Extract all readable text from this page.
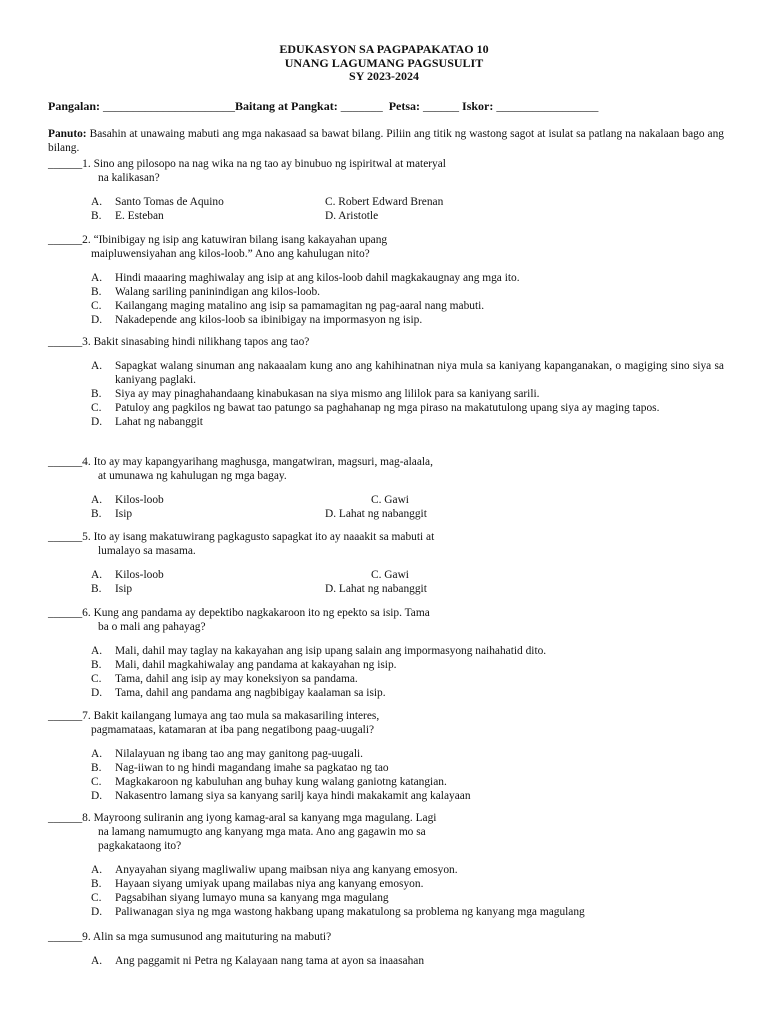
EDUKASYON SA PAGPAPAKATAO 10
UNANG LAGUMANG PAGSUSULIT
SY 2023-2024
Pangalan: ______________________Baitang at Pangkat: _______  Petsa: ______ Iskor: _________________
Panuto: Basahin at unawaing mabuti ang mga nakasaad sa bawat bilang. Piliin ang titik ng wastong sagot at isulat sa patlang na nakalaan bago ang bilang.
______ 1. Sino ang pilosopo na nag wika na ng tao ay binubuo ng ispiritwal at materyal
na kalikasan?
A.	Santo Tomas de Aquino	C. Robert Edward Brenan
B.	E. Esteban	D. Aristotle
______ 2. “Ibinibigay ng isip ang katuwiran bilang isang kakayahan upang
maipluwensiyahan ang kilos-loob.” Ano ang kahulugan nito?
A.	Hindi maaaring maghiwalay ang isip at ang kilos-loob dahil magkakaugnay ang mga ito.
B.	Walang sariling paninindigan ang kilos-loob.
C.	Kailangang maging matalino ang isip sa pamamagitan ng pag-aaral nang mabuti.
D.	Nakadepende ang kilos-loob sa ibinibigay na impormasyon ng isip.
______ 3. Bakit sinasabing hindi nilikhang tapos ang tao?
A.	Sapagkat walang sinuman ang nakaaalam kung ano ang kahihinatnan niya mula sa kaniyang kapanganakan, o magiging sino siya sa kaniyang paglaki.
B.	Siya ay may pinaghahandaang kinabukasan na siya mismo ang lililok para sa kaniyang sarili.
C.	Patuloy ang pagkilos ng bawat tao patungo sa paghahanap ng mga piraso na makatutulong upang siya ay maging tapos.
D.	Lahat ng nabanggit
______ 4. Ito ay may kapangyarihang maghusga, mangatwiran, magsuri, mag-alaala,
at umunawa ng kahulugan ng mga bagay.
A.	Kilos-loob	C. Gawi
B.	Isip	D. Lahat ng nabanggit
______ 5. Ito ay isang makatuwirang pagkagusto sapagkat ito ay naaakit sa mabuti at
lumalayo sa masama.
A.	Kilos-loob	C. Gawi
B.	Isip	D. Lahat ng nabanggit
______ 6. Kung ang pandama ay depektibo nagkakaroon ito ng epekto sa isip. Tama
ba o mali ang pahayag?
A.	Mali, dahil may taglay na kakayahan ang isip upang salain ang impormasyong naihahatid dito.
B.	Mali, dahil magkahiwalay ang pandama at kakayahan ng isip.
C.	Tama, dahil ang isip ay may koneksiyon sa pandama.
D.	Tama, dahil ang pandama ang nagbibigay kaalaman sa isip.
______ 7. Bakit kailangang lumaya ang tao mula sa makasariling interes,
pagmamataas, katamaran at iba pang negatibong paag-uugali?
A.	Nilalayuan ng ibang tao ang may ganitong pag-uugali.
B.	Nag-iiwan to ng hindi magandang imahe sa pagkatao ng tao
C.	Magkakaroon ng kabuluhan ang buhay kung walang ganiotng katangian.
D.	Nakasentro lamang siya sa kanyang sarilj kaya hindi makakamit ang kalayaan
______ 8. Mayroong suliranin ang iyong kamag-aral sa kanyang mga magulang. Lagi
na lamang namumugto ang kanyang mga mata. Ano ang gagawin mo sa
pagkakataong ito?
A.	Anyayahan siyang magliwaliw upang maibsan niya ang kanyang emosyon.
B.	Hayaan siyang umiyak upang mailabas niya ang kanyang emosyon.
C.	Pagsabihan siyang lumayo muna sa kanyang mga magulang
D.	Paliwanagan siya ng mga wastong hakbang upang makatulong sa problema ng kanyang mga magulang
______ 9. Alin sa mga sumusunod ang maituturing na mabuti?
A.	Ang paggamit ni Petra ng Kalayaan nang tama at ayon sa inaasahan
